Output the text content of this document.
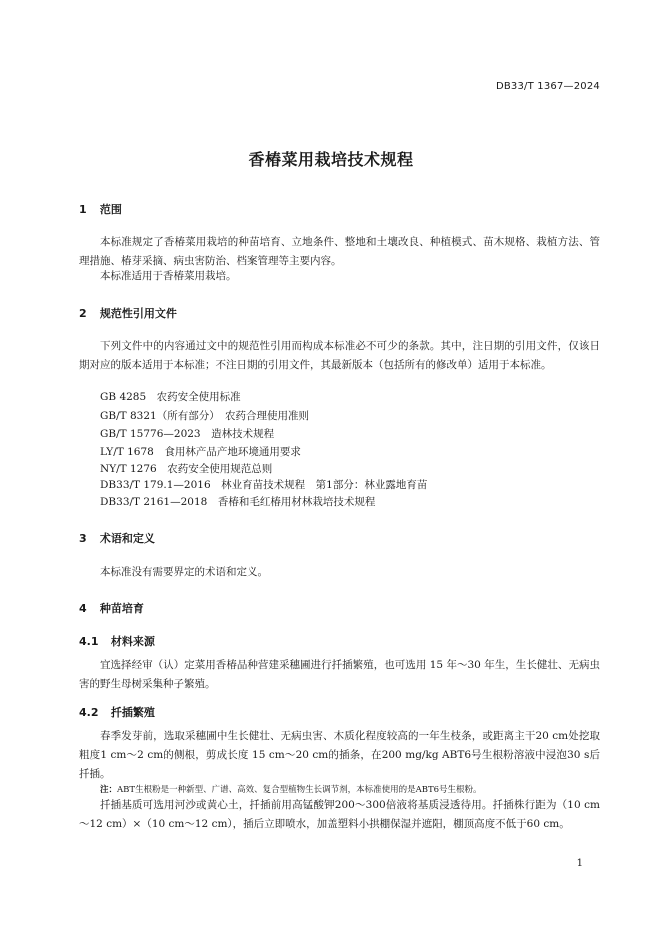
DB33/T 1367—2024
香椿菜用栽培技术规程
1 范围
本标准规定了香椿菜用栽培的种苗培育、立地条件、整地和土壤改良、种植模式、苗木规格、栽植方法、管理措施、椿芽采摘、病虫害防治、档案管理等主要内容。
本标准适用于香椿菜用栽培。
2 规范性引用文件
下列文件中的内容通过文中的规范性引用而构成本标准必不可少的条款。其中，注日期的引用文件，仅该日期对应的版本适用于本标准；不注日期的引用文件，其最新版本（包括所有的修改单）适用于本标准。
GB 4285　农药安全使用标准
GB/T 8321（所有部分）　农药合理使用准则
GB/T 15776—2023　造林技术规程
LY/T 1678　食用林产品产地环境通用要求
NY/T 1276　农药安全使用规范总则
DB33/T 179.1—2016　林业育苗技术规程　第1部分：林业露地育苗
DB33/T 2161—2018　香椿和毛红椿用材林栽培技术规程
3 术语和定义
本标准没有需要界定的术语和定义。
4 种苗培育
4.1 材料来源
宜选择经审（认）定菜用香椿品种营建采穗圃进行扦插繁殖，也可选用 15 年～30 年生，生长健壮、无病虫害的野生母树采集种子繁殖。
4.2 扦插繁殖
春季发芽前，选取采穗圃中生长健壮、无病虫害、木质化程度较高的一年生枝条，或距离主干20 cm处挖取粗度1 cm～2 cm的侧根，剪成长度 15 cm～20 cm的插条，在200 mg/kg ABT6号生根粉溶液中浸泡30 s后扦插。
注：ABT生根粉是一种新型、广谱、高效、复合型植物生长调节剂，本标准使用的是ABT6号生根粉。
扦插基质可选用河沙或黄心土，扦插前用高锰酸钾200～300倍液将基质浸透待用。扦插株行距为（10 cm～12 cm）×（10 cm～12 cm），插后立即喷水，加盖塑料小拱棚保湿并遮阳，棚顶高度不低于60 cm。
1
